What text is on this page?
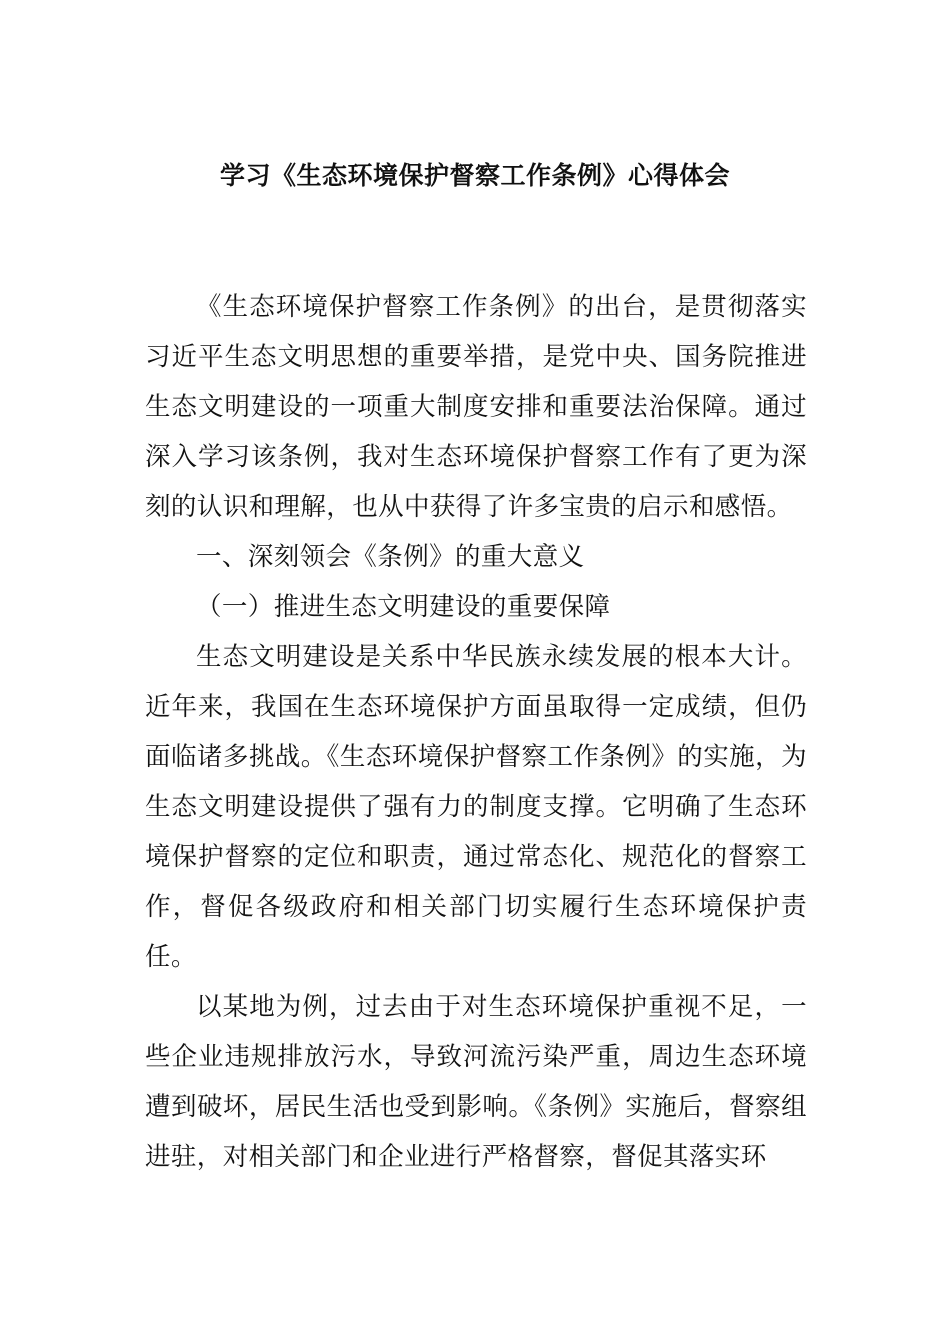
学习《生态环境保护督察工作条例》心得体会

《生态环境保护督察工作条例》的出台，是贯彻落实习近平生态文明思想的重要举措，是党中央、国务院推进生态文明建设的一项重大制度安排和重要法治保障。通过深入学习该条例，我对生态环境保护督察工作有了更为深刻的认识和理解，也从中获得了许多宝贵的启示和感悟。

一、深刻领会《条例》的重大意义

（一）推进生态文明建设的重要保障

生态文明建设是关系中华民族永续发展的根本大计。近年来，我国在生态环境保护方面虽取得一定成绩，但仍面临诸多挑战。《生态环境保护督察工作条例》的实施，为生态文明建设提供了强有力的制度支撑。它明确了生态环境保护督察的定位和职责，通过常态化、规范化的督察工作，督促各级政府和相关部门切实履行生态环境保护责任。

以某地为例，过去由于对生态环境保护重视不足，一些企业违规排放污水，导致河流污染严重，周边生态环境遭到破坏，居民生活也受到影响。《条例》实施后，督察组进驻，对相关部门和企业进行严格督察，督促其落实环
